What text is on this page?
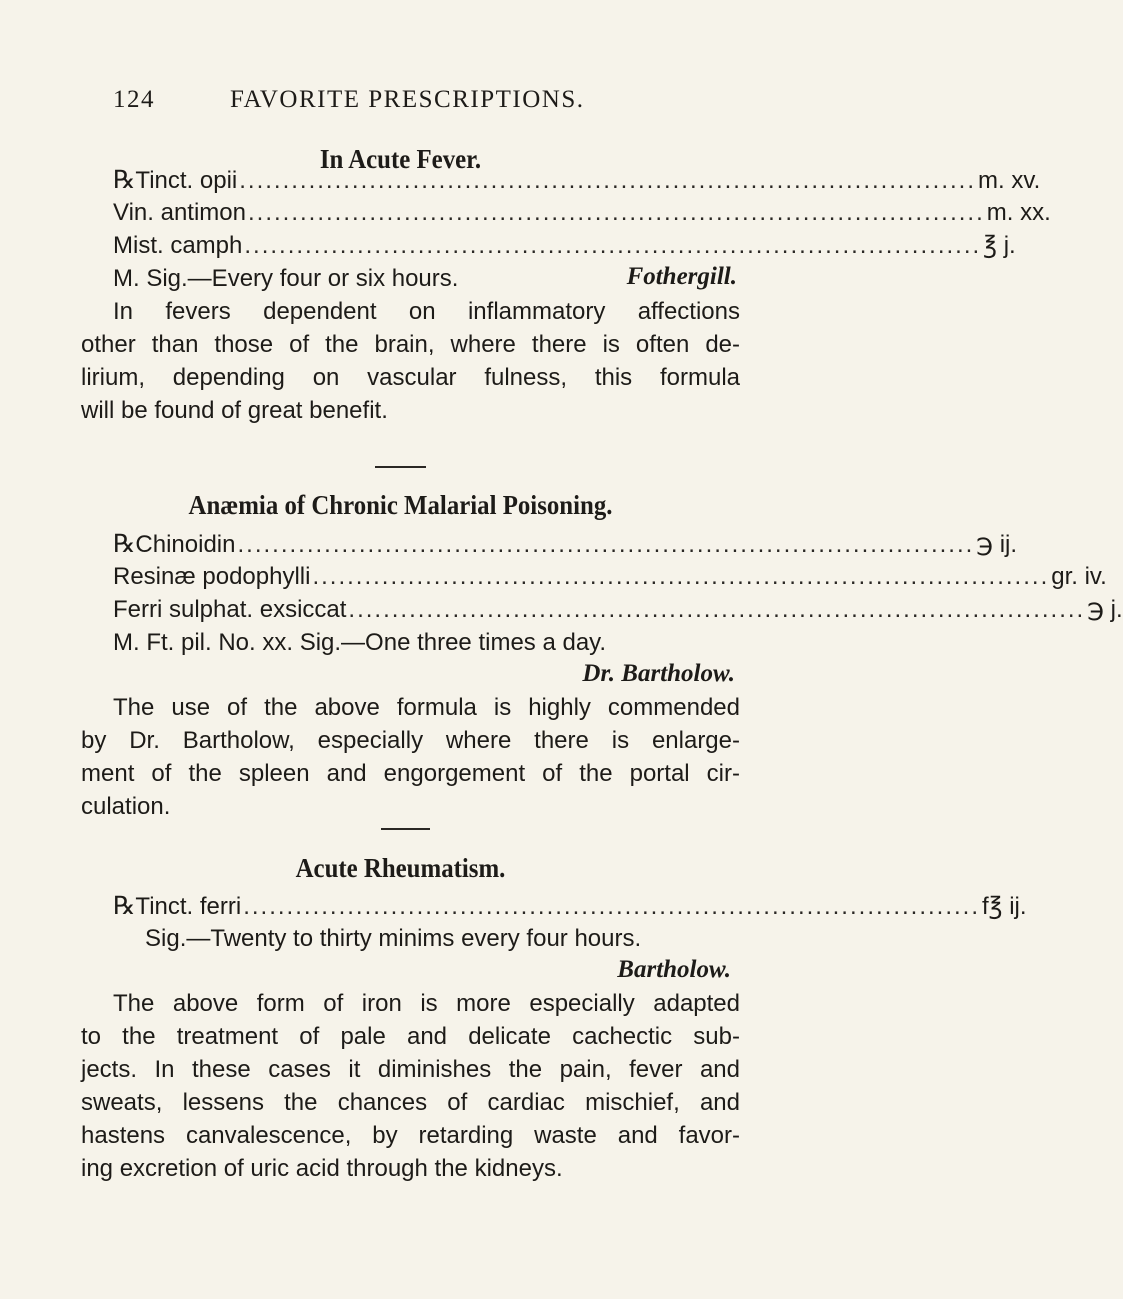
124	FAVORITE PRESCRIPTIONS.
In Acute Fever.
℞ Tinct. opii ..................................................................................... m. xv.
Vin. antimon ..................................................................................... m. xx.
Mist. camph ..................................................................................... ℥ j.
M. Sig.—Every four or six hours.	Fothergill.
In fevers dependent on inflammatory affections
other than those of the brain, where there is often de-
lirium, depending on vascular fulness, this formula
will be found of great benefit.
Anæmia of Chronic Malarial Poisoning.
℞ Chinoidin ..................................................................................... ℈ ij.
Resinæ podophylli ..................................................................................... gr. iv.
Ferri sulphat. exsiccat ..................................................................................... ℈ j.
M. Ft. pil. No. xx. Sig.—One three times a day.
Dr. Bartholow.
The use of the above formula is highly commended
by Dr. Bartholow, especially where there is enlarge-
ment of the spleen and engorgement of the portal cir-
culation.
Acute Rheumatism.
℞ Tinct. ferri ..................................................................................... f℥ ij.
Sig.—Twenty to thirty minims every four hours.
Bartholow.
The above form of iron is more especially adapted
to the treatment of pale and delicate cachectic sub-
jects. In these cases it diminishes the pain, fever and
sweats, lessens the chances of cardiac mischief, and
hastens canvalescence, by retarding waste and favor-
ing excretion of uric acid through the kidneys.
